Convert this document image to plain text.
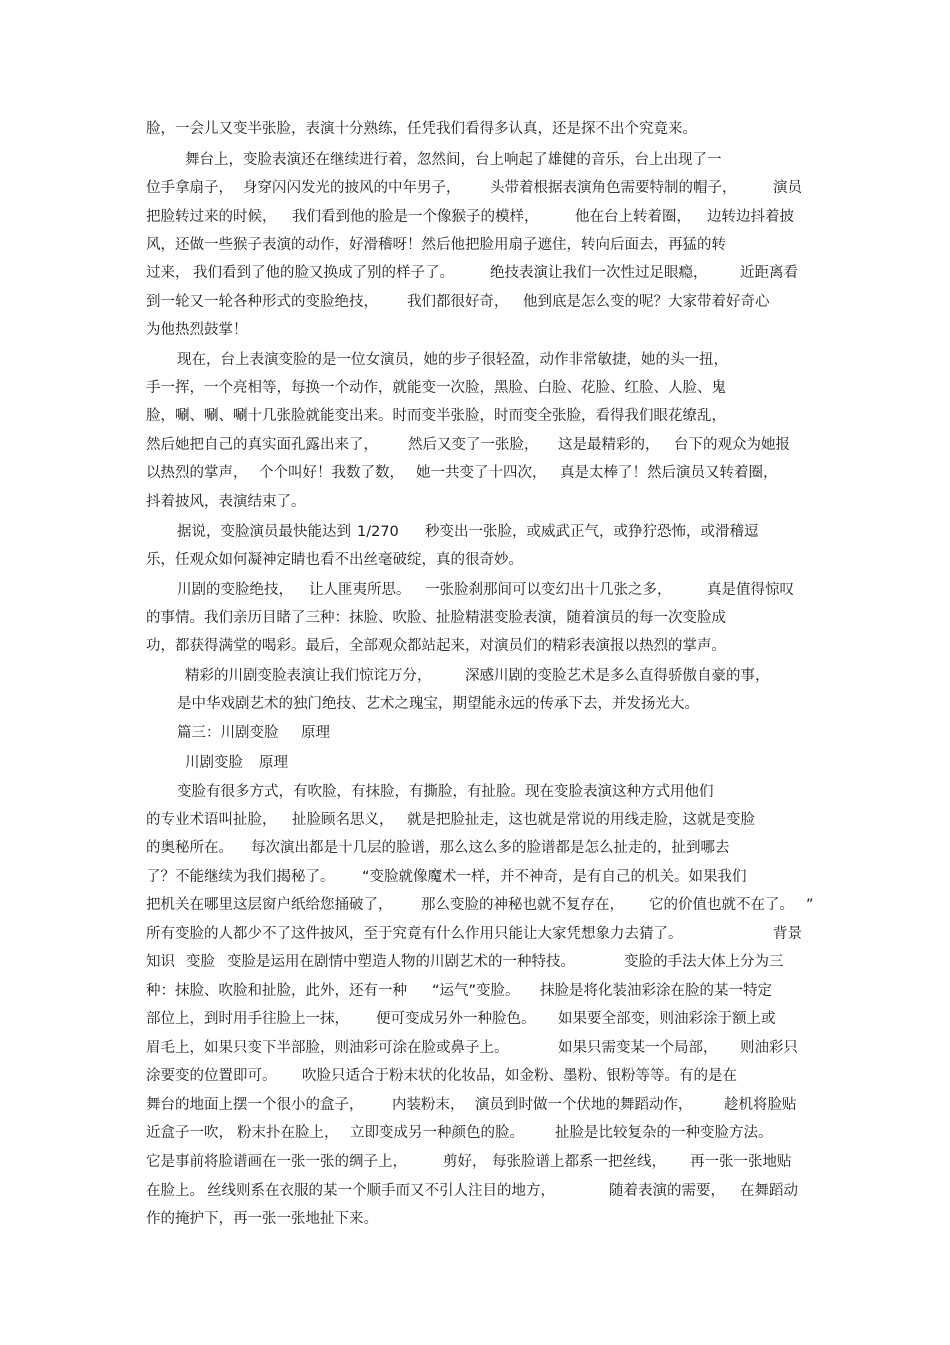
脸，一会儿又变半张脸，表演十分熟练，任凭我们看得多认真，还是探不出个究竟来。
舞台上，变脸表演还在继续进行着，忽然间，台上响起了雄健的音乐，台上出现了一
位手拿扇子， 身穿闪闪发光的披风的中年男子， 头带着根据表演角色需要特制的帽子，	演员
把脸转过来的时候， 我们看到他的脸是一个像猴子的模样，	他在台上转着圈， 边转边抖着披
风，还做一些猴子表演的动作，好滑稽呀！然后他把脸用扇子遮住，转向后面去，再猛的转
过来， 我们看到了他的脸又换成了别的样子了。 绝技表演让我们一次性过足眼瘾， 近距离看
到一轮又一轮各种形式的变脸绝技， 我们都很好奇， 他到底是怎么变的呢？大家带着好奇心
为他热烈鼓掌！
现在，台上表演变脸的是一位女演员，她的步子很轻盈，动作非常敏捷，她的头一扭，
手一挥，一个亮相等，每换一个动作，就能变一次脸，黑脸、白脸、花脸、红脸、人脸、鬼
脸，唰、唰、唰十几张脸就能变出来。时而变半张脸，时而变全张脸，看得我们眼花缭乱，
然后她把自己的真实面孔露出来了， 然后又变了一张脸， 这是最精彩的， 台下的观众为她报
以热烈的掌声， 个个叫好！我数了数， 她一共变了十四次， 真是太棒了！然后演员又转着圈，
抖着披风，表演结束了。
据说，变脸演员最快能达到 1/270 秒变出一张脸，或威武正气，或狰狞恐怖，或滑稽逗
乐，任观众如何凝神定睛也看不出丝毫破绽，真的很奇妙。
川剧的变脸绝技， 让人匪夷所思。 一张脸刹那间可以变幻出十几张之多， 真是值得惊叹
的事情。我们亲历目睹了三种：抹脸、吹脸、扯脸精湛变脸表演，随着演员的每一次变脸成
功，都获得满堂的喝彩。最后，全部观众都站起来，对演员们的精彩表演报以热烈的掌声。
精彩的川剧变脸表演让我们惊诧万分， 深感川剧的变脸艺术是多么直得骄傲自豪的事，
是中华戏剧艺术的独门绝技、艺术之瑰宝，期望能永远的传承下去，并发扬光大。
篇三：川剧变脸 原理
川剧变脸 原理
变脸有很多方式，有吹脸，有抹脸，有撕脸，有扯脸。现在变脸表演这种方式用他们
的专业术语叫扯脸， 扯脸顾名思义， 就是把脸扯走，这也就是常说的用线走脸，这就是变脸
的奥秘所在。 每次演出都是十几层的脸谱，那么这么多的脸谱都是怎么扯走的，扯到哪去
了？不能继续为我们揭秘了。 “变脸就像魔术一样，并不神奇，是有自己的机关。如果我们
把机关在哪里这层窗户纸给您捅破了， 那么变脸的神秘也就不复存在， 它的价值也就不在了。 ”
所有变脸的人都少不了这件披风，至于究竟有什么作用只能让大家凭想象力去猜了。	背景
知识 变脸 变脸是运用在剧情中塑造人物的川剧艺术的一种特技。	变脸的手法大体上分为三
种：抹脸、吹脸和扯脸，此外，还有一种 “运气”变脸。 抹脸是将化装油彩涂在脸的某一特定
部位上，到时用手往脸上一抹， 便可变成另外一种脸色。 如果要全部变，则油彩涂于额上或
眉毛上，如果只变下半部脸，则油彩可涂在脸或鼻子上。	如果只需变某一个局部， 则油彩只
涂要变的位置即可。 吹脸只适合于粉末状的化妆品，如金粉、墨粉、银粉等等。有的是在
舞台的地面上摆一个很小的盒子， 内装粉末， 演员到时做一个伏地的舞蹈动作， 趁机将脸贴
近盒子一吹， 粉末扑在脸上， 立即变成另一种颜色的脸。 扯脸是比较复杂的一种变脸方法。
它是事前将脸谱画在一张一张的绸子上， 剪好， 每张脸谱上都系一把丝线， 再一张一张地贴
在脸上。 丝线则系在衣服的某一个顺手而又不引人注目的地方，	随着表演的需要， 在舞蹈动
作的掩护下，再一张一张地扯下来。
